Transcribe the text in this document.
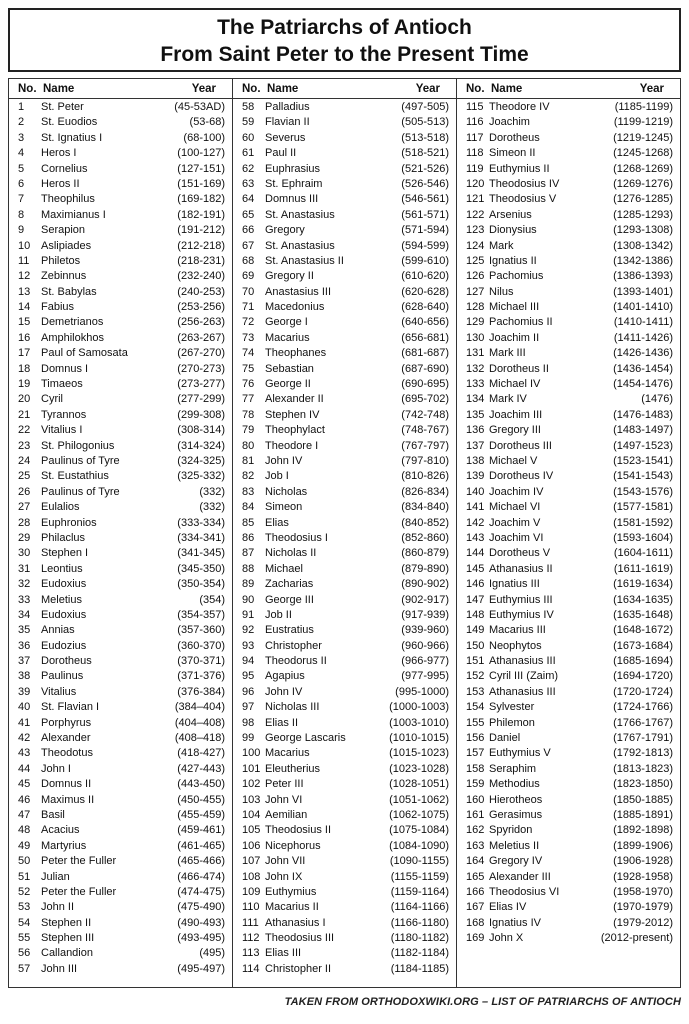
The Patriarchs of Antioch
From Saint Peter to the Present Time
No. Name	Year
1	St. Peter	(45-53AD)
2	St. Euodios	(53-68)
3	St. Ignatius I	(68-100)
4	Heros I	(100-127)
5	Cornelius	(127-151)
6	Heros II	(151-169)
7	Theophilus	(169-182)
8	Maximianus I	(182-191)
9	Serapion	(191-212)
10 Aslipiades	(212-218)
11	Philetos	(218-231)
12 Zebinnus	(232-240)
13 St. Babylas	(240-253)
14 Fabius	(253-256)
15 Demetrianos	(256-263)
16 Amphilokhos	(263-267)
17 Paul of Samosata	(267-270)
18 Domnus I	(270-273)
19 Timaeos	(273-277)
20 Cyril	(277-299)
21 Tyrannos	(299-308)
22 Vitalius I	(308-314)
23 St. Philogonius	(314-324)
24 Paulinus of Tyre	(324-325)
25 St. Eustathius	(325-332)
26 Paulinus of Tyre	(332)
27 Eulalios	(332)
28 Euphronios	(333-334)
29 Philaclus	(334-341)
30 Stephen I	(341-345)
31 Leontius	(345-350)
32 Eudoxius	(350-354)
33 Meletius	(354)
34 Eudoxius	(354-357)
35 Annias	(357-360)
36 Eudozius	(360-370)
37 Dorotheus	(370-371)
38 Paulinus	(371-376)
39 Vitalius	(376-384)
40 St. Flavian I	(384–404)
41 Porphyrus	(404–408)
42 Alexander	(408–418)
43 Theodotus	(418-427)
44 John I	(427-443)
45 Domnus II	(443-450)
46 Maximus II	(450-455)
47 Basil	(455-459)
48 Acacius	(459-461)
49 Martyrius	(461-465)
50 Peter the Fuller	(465-466)
51 Julian	(466-474)
52 Peter the Fuller	(474-475)
53 John II	(475-490)
54 Stephen II	(490-493)
55 Stephen III	(493-495)
56 Callandion	(495)
57 John III	(495-497)
No. Name	Year
58 Palladius	(497-505)
59 Flavian II	(505-513)
60 Severus	(513-518)
61 Paul II	(518-521)
62 Euphrasius	(521-526)
63 St. Ephraim	(526-546)
64 Domnus III	(546-561)
65 St. Anastasius	(561-571)
66 Gregory	(571-594)
67 St. Anastasius	(594-599)
68 St. Anastasius II	(599-610)
69 Gregory II	(610-620)
70 Anastasius III	(620-628)
71 Macedonius	(628-640)
72 George I	(640-656)
73 Macarius	(656-681)
74 Theophanes	(681-687)
75 Sebastian	(687-690)
76 George II	(690-695)
77 Alexander II	(695-702)
78 Stephen IV	(742-748)
79 Theophylact	(748-767)
80 Theodore I	(767-797)
81 John IV	(797-810)
82 Job I	(810-826)
83 Nicholas	(826-834)
84 Simeon	(834-840)
85 Elias	(840-852)
86 Theodosius I	(852-860)
87 Nicholas II	(860-879)
88 Michael	(879-890)
89 Zacharias	(890-902)
90 George III	(902-917)
91 Job II	(917-939)
92 Eustratius	(939-960)
93 Christopher	(960-966)
94 Theodorus II	(966-977)
95 Agapius	(977-995)
96 John IV	(995-1000)
97 Nicholas III	(1000-1003)
98 Elias II	(1003-1010)
99 George Lascaris	(1010-1015)
100 Macarius	(1015-1023)
101 Eleutherius	(1023-1028)
102 Peter III	(1028-1051)
103 John VI	(1051-1062)
104 Aemilian	(1062-1075)
105 Theodosius II	(1075-1084)
106 Nicephorus	(1084-1090)
107 John VII	(1090-1155)
108 John IX	(1155-1159)
109 Euthymius	(1159-1164)
110 Macarius II	(1164-1166)
111 Athanasius I	(1166-1180)
112 Theodosius III	(1180-1182)
113 Elias III	(1182-1184)
114 Christopher II	(1184-1185)
No. Name	Year
115 Theodore IV	(1185-1199)
116 Joachim	(1199-1219)
117 Dorotheus	(1219-1245)
118 Simeon II	(1245-1268)
119 Euthymius II	(1268-1269)
120 Theodosius IV	(1269-1276)
121 Theodosius V	(1276-1285)
122 Arsenius	(1285-1293)
123 Dionysius	(1293-1308)
124 Mark	(1308-1342)
125 Ignatius II	(1342-1386)
126 Pachomius	(1386-1393)
127 Nilus	(1393-1401)
128 Michael III	(1401-1410)
129 Pachomius II	(1410-1411)
130 Joachim II	(1411-1426)
131 Mark III	(1426-1436)
132 Dorotheus II	(1436-1454)
133 Michael IV	(1454-1476)
134 Mark IV	(1476)
135 Joachim III	(1476-1483)
136 Gregory III	(1483-1497)
137 Dorotheus III	(1497-1523)
138 Michael V	(1523-1541)
139 Dorotheus IV	(1541-1543)
140 Joachim IV	(1543-1576)
141 Michael VI	(1577-1581)
142 Joachim V	(1581-1592)
143 Joachim VI	(1593-1604)
144 Dorotheus V	(1604-1611)
145 Athanasius II	(1611-1619)
146 Ignatius III	(1619-1634)
147 Euthymius III	(1634-1635)
148 Euthymius IV	(1635-1648)
149 Macarius III	(1648-1672)
150 Neophytos	(1673-1684)
151 Athanasius III	(1685-1694)
152 Cyril III (Zaim)	(1694-1720)
153 Athanasius III	(1720-1724)
154 Sylvester	(1724-1766)
155 Philemon	(1766-1767)
156 Daniel	(1767-1791)
157 Euthymius V	(1792-1813)
158 Seraphim	(1813-1823)
159 Methodius	(1823-1850)
160 Hierotheos	(1850-1885)
161 Gerasimus	(1885-1891)
162 Spyridon	(1892-1898)
163 Meletius II	(1899-1906)
164 Gregory IV	(1906-1928)
165 Alexander III	(1928-1958)
166 Theodosius VI	(1958-1970)
167 Elias IV	(1970-1979)
168 Ignatius IV	(1979-2012)
169 John X	(2012-present)
TAKEN FROM ORTHODOXWIKI.ORG – LIST OF PATRIARCHS OF ANTIOCH
